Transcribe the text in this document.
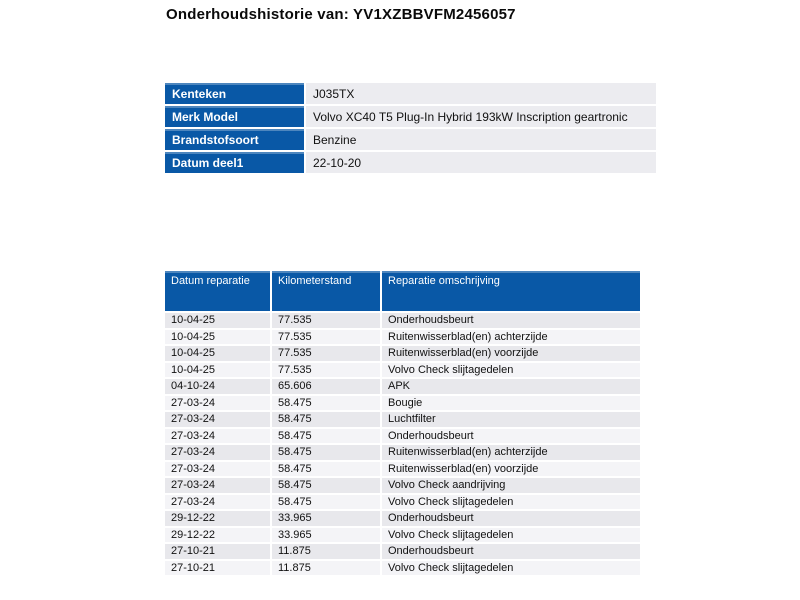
Onderhoudshistorie van: YV1XZBBVFM2456057
Kenteken	J035TX
Merk Model	Volvo XC40 T5 Plug-In Hybrid 193kW Inscription geartronic
Brandstofsoort	Benzine
Datum deel1	22-10-20
Datum reparatie	Kilometerstand	Reparatie omschrijving
10-04-25	77.535	Onderhoudsbeurt
10-04-25	77.535	Ruitenwisserblad(en) achterzijde
10-04-25	77.535	Ruitenwisserblad(en) voorzijde
10-04-25	77.535	Volvo Check slijtagedelen
04-10-24	65.606	APK
27-03-24	58.475	Bougie
27-03-24	58.475	Luchtfilter
27-03-24	58.475	Onderhoudsbeurt
27-03-24	58.475	Ruitenwisserblad(en) achterzijde
27-03-24	58.475	Ruitenwisserblad(en) voorzijde
27-03-24	58.475	Volvo Check aandrijving
27-03-24	58.475	Volvo Check slijtagedelen
29-12-22	33.965	Onderhoudsbeurt
29-12-22	33.965	Volvo Check slijtagedelen
27-10-21	11.875	Onderhoudsbeurt
27-10-21	11.875	Volvo Check slijtagedelen
